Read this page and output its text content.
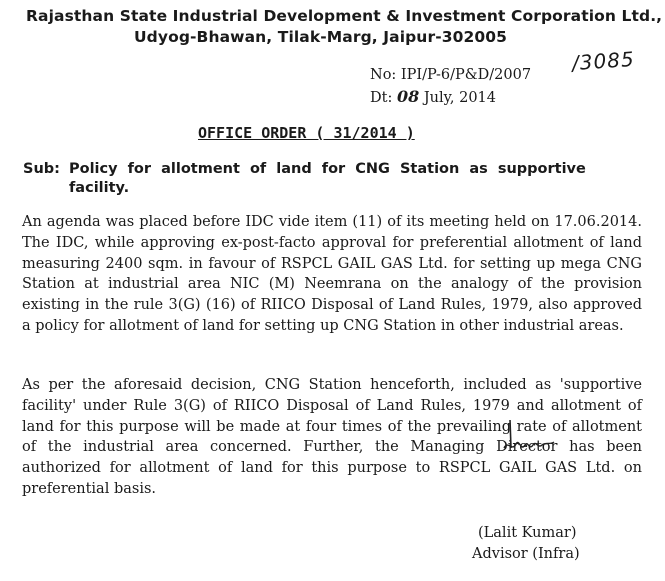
Rajasthan State Industrial Development & Investment Corporation Ltd.,
Udyog-Bhawan, Tilak-Marg, Jaipur-302005
No: IPI/P-6/P&D/2007 /3085
Dt: 08 July, 2014
OFFICE ORDER ( 31/2014 )
Sub: Policy for allotment of land for CNG Station as supportive
facility.
An agenda was placed before IDC vide item (11) of its meeting held on 17.06.2014. The IDC, while approving ex-post-facto approval for preferential allotment of land measuring 2400 sqm. in favour of RSPCL GAIL GAS Ltd. for setting up mega CNG Station at industrial area NIC (M) Neemrana on the analogy of the provision existing in the rule 3(G) (16) of RIICO Disposal of Land Rules, 1979, also approved a policy for allotment of land for setting up CNG Station in other industrial areas.
As per the aforesaid decision, CNG Station henceforth, included as 'supportive facility' under Rule 3(G) of RIICO Disposal of Land Rules, 1979 and allotment of land for this purpose will be made at four times of the prevailing rate of allotment of the industrial area concerned. Further, the Managing Director has been authorized for allotment of land for this purpose to RSPCL GAIL GAS Ltd. on preferential basis.
(Lalit Kumar)
Advisor (Infra)
